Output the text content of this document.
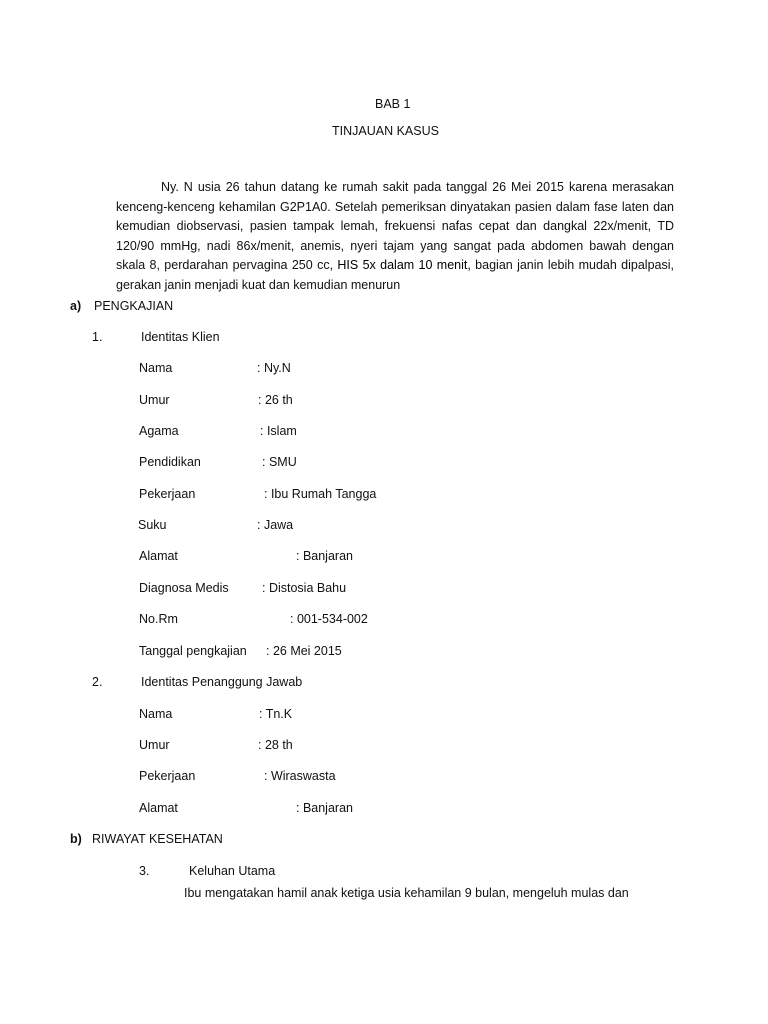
BAB 1
TINJAUAN KASUS

Ny. N usia 26 tahun datang ke rumah sakit pada tanggal 26 Mei 2015 karena merasakan kenceng-kenceng kehamilan G2P1A0. Setelah pemeriksan dinyatakan pasien dalam fase laten dan kemudian diobservasi, pasien tampak lemah, frekuensi nafas cepat dan dangkal 22x/menit, TD 120/90 mmHg, nadi 86x/menit, anemis, nyeri tajam yang sangat pada abdomen bawah dengan skala 8, perdarahan pervagina 250 cc, HIS 5x dalam 10 menit, bagian janin lebih mudah dipalpasi, gerakan janin menjadi kuat dan kemudian menurun

a) PENGKAJIAN
1.	Identitas Klien
Nama	: Ny.N
Umur	: 26 th
Agama	: Islam
Pendidikan	: SMU
Pekerjaan	: Ibu Rumah Tangga
Suku	: Jawa
Alamat	: Banjaran
Diagnosa Medis	: Distosia Bahu
No.Rm	: 001-534-002
Tanggal pengkajian : 26 Mei 2015
2.	Identitas Penanggung Jawab
Nama	: Tn.K
Umur	: 28 th
Pekerjaan	: Wiraswasta
Alamat	: Banjaran
b) RIWAYAT KESEHATAN
3.	Keluhan Utama
Ibu mengatakan hamil anak ketiga usia kehamilan 9 bulan, mengeluh mulas dan
